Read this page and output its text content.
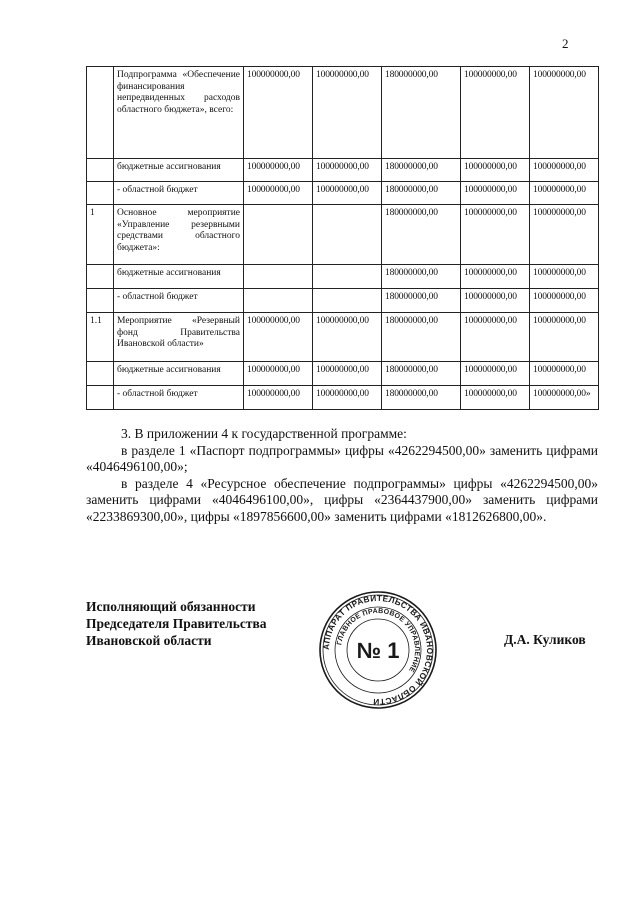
2
	Подпрограмма «Обеспечение финансирования непредвиденных расходов областного бюджета», всего:	100000000,00	100000000,00	180000000,00	100000000,00	100000000,00
	бюджетные ассигнования	100000000,00	100000000,00	180000000,00	100000000,00	100000000,00
	- областной бюджет	100000000,00	100000000,00	180000000,00	100000000,00	100000000,00
1	Основное мероприятие «Управление резервными средствами областного бюджета»:			180000000,00	100000000,00	100000000,00
	бюджетные ассигнования			180000000,00	100000000,00	100000000,00
	- областной бюджет			180000000,00	100000000,00	100000000,00
1.1	Мероприятие «Резервный фонд Правительства Ивановской области»	100000000,00	100000000,00	180000000,00	100000000,00	100000000,00
	бюджетные ассигнования	100000000,00	100000000,00	180000000,00	100000000,00	100000000,00
	- областной бюджет	100000000,00	100000000,00	180000000,00	100000000,00	100000000,00»

3. В приложении 4 к государственной программе:

в разделе 1 «Паспорт подпрограммы» цифры «4262294500,00» заменить цифрами «4046496100,00»;

в разделе 4 «Ресурсное обеспечение подпрограммы» цифры «4262294500,00» заменить цифрами «4046496100,00», цифры «2364437900,00» заменить цифрами «2233869300,00», цифры «1897856600,00» заменить цифрами «1812626800,00».

Исполняющий обязанности
Председателя Правительства
Ивановской области	АППАРАТ ПРАВИТЕЛЬСТВА ИВАНОВСКОЙ ОБЛАСТИ
ГЛАВНОЕ ПРАВОВОЕ УПРАВЛЕНИЕ
№ 1	Д.А. Куликов
